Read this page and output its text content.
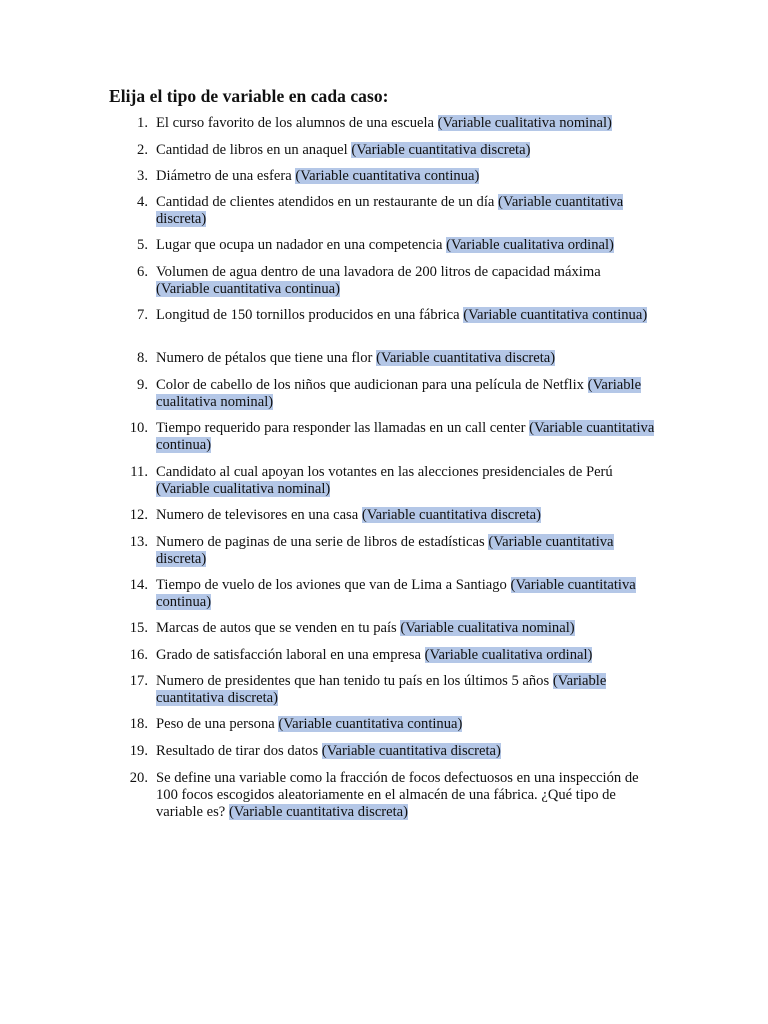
Elija el tipo de variable en cada caso:
1. El curso favorito de los alumnos de una escuela (Variable cualitativa nominal)
2. Cantidad de libros en un anaquel (Variable cuantitativa discreta)
3. Diámetro de una esfera (Variable cuantitativa continua)
4. Cantidad de clientes atendidos en un restaurante de un día (Variable cuantitativa discreta)
5. Lugar que ocupa un nadador en una competencia (Variable cualitativa ordinal)
6. Volumen de agua dentro de una lavadora de 200 litros de capacidad máxima (Variable cuantitativa continua)
7. Longitud de 150 tornillos producidos en una fábrica (Variable cuantitativa continua)
8. Numero de pétalos que tiene una flor (Variable cuantitativa discreta)
9. Color de cabello de los niños que audicionan para una película de Netflix (Variable cualitativa nominal)
10. Tiempo requerido para responder las llamadas en un call center (Variable cuantitativa continua)
11. Candidato al cual apoyan los votantes en las alecciones presidenciales de Perú (Variable cualitativa nominal)
12. Numero de televisores en una casa (Variable cuantitativa discreta)
13. Numero de paginas de una serie de libros de estadísticas (Variable cuantitativa discreta)
14. Tiempo de vuelo de los aviones que van de Lima a Santiago (Variable cuantitativa continua)
15. Marcas de autos que se venden en tu país (Variable cualitativa nominal)
16. Grado de satisfacción laboral en una empresa (Variable cualitativa ordinal)
17. Numero de presidentes que han tenido tu país en los últimos 5 años (Variable cuantitativa discreta)
18. Peso de una persona (Variable cuantitativa continua)
19. Resultado de tirar dos datos (Variable cuantitativa discreta)
20. Se define una variable como la fracción de focos defectuosos en una inspección de 100 focos escogidos aleatoriamente en el almacén de una fábrica. ¿Qué tipo de variable es? (Variable cuantitativa discreta)
